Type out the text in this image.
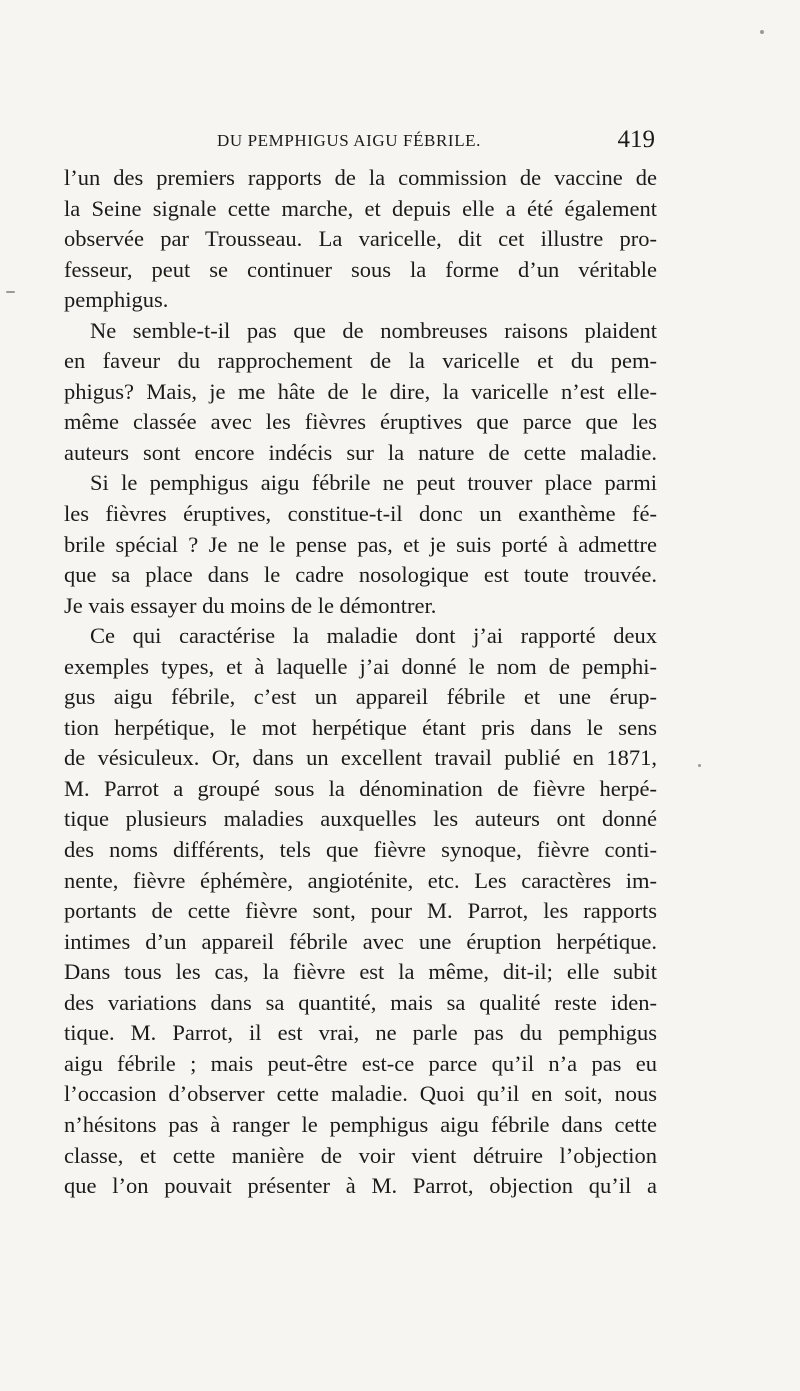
DU PEMPHIGUS AIGU FÉBRILE.	419
l’un des premiers rapports de la commission de vaccine de
la Seine signale cette marche, et depuis elle a été également
observée par Trousseau. La varicelle, dit cet illustre pro-
fesseur, peut se continuer sous la forme d’un véritable
pemphigus.
Ne semble-t-il pas que de nombreuses raisons plaident
en faveur du rapprochement de la varicelle et du pem-
phigus? Mais, je me hâte de le dire, la varicelle n’est elle-
même classée avec les fièvres éruptives que parce que les
auteurs sont encore indécis sur la nature de cette maladie.
Si le pemphigus aigu fébrile ne peut trouver place parmi
les fièvres éruptives, constitue-t-il donc un exanthème fé-
brile spécial ? Je ne le pense pas, et je suis porté à admettre
que sa place dans le cadre nosologique est toute trouvée.
Je vais essayer du moins de le démontrer.
Ce qui caractérise la maladie dont j’ai rapporté deux
exemples types, et à laquelle j’ai donné le nom de pemphi-
gus aigu fébrile, c’est un appareil fébrile et une érup-
tion herpétique, le mot herpétique étant pris dans le sens
de vésiculeux. Or, dans un excellent travail publié en 1871,
M. Parrot a groupé sous la dénomination de fièvre herpé-
tique plusieurs maladies auxquelles les auteurs ont donné
des noms différents, tels que fièvre synoque, fièvre conti-
nente, fièvre éphémère, angioténite, etc. Les caractères im-
portants de cette fièvre sont, pour M. Parrot, les rapports
intimes d’un appareil fébrile avec une éruption herpétique.
Dans tous les cas, la fièvre est la même, dit-il; elle subit
des variations dans sa quantité, mais sa qualité reste iden-
tique. M. Parrot, il est vrai, ne parle pas du pemphigus
aigu fébrile ; mais peut-être est-ce parce qu’il n’a pas eu
l’occasion d’observer cette maladie. Quoi qu’il en soit, nous
n’hésitons pas à ranger le pemphigus aigu fébrile dans cette
classe, et cette manière de voir vient détruire l’objection
que l’on pouvait présenter à M. Parrot, objection qu’il a
